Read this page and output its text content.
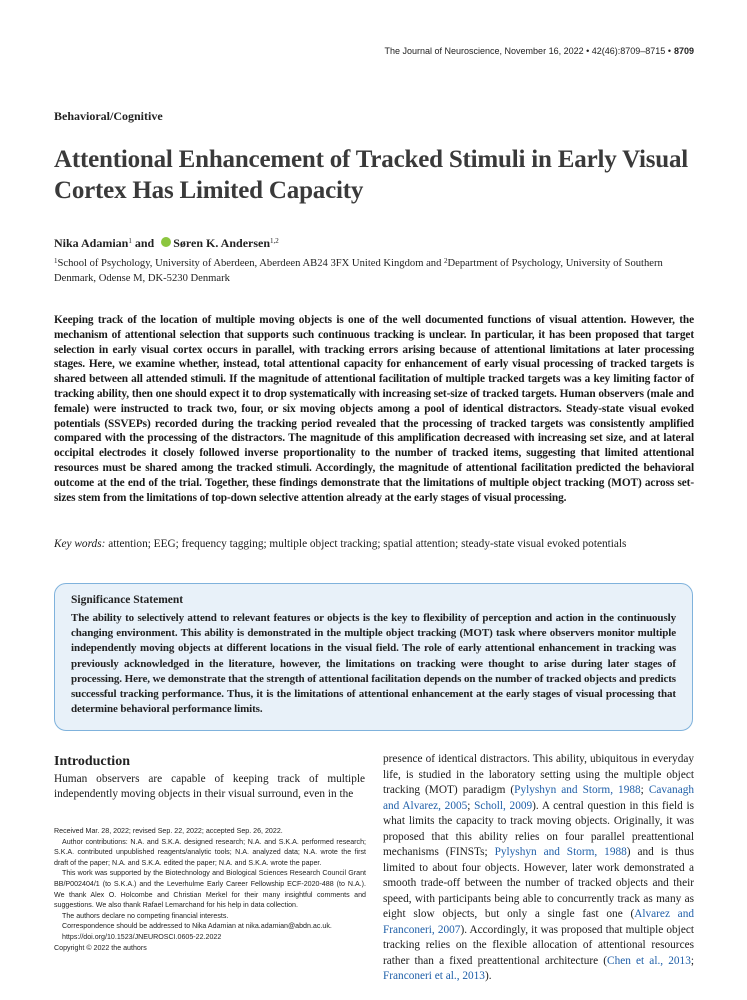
The Journal of Neuroscience, November 16, 2022 • 42(46):8709–8715 • 8709
Behavioral/Cognitive
Attentional Enhancement of Tracked Stimuli in Early Visual Cortex Has Limited Capacity
Nika Adamian$^1$ and Søren K. Andersen$^{1,2}$
$^1$School of Psychology, University of Aberdeen, Aberdeen AB24 3FX United Kingdom and $^2$Department of Psychology, University of Southern Denmark, Odense M, DK-5230 Denmark

Keeping track of the location of multiple moving objects is one of the well documented functions of visual attention. However, the mechanism of attentional selection that supports such continuous tracking is unclear. In particular, it has been proposed that target selection in early visual cortex occurs in parallel, with tracking errors arising because of attentional limitations at later processing stages. Here, we examine whether, instead, total attentional capacity for enhancement of early visual processing of tracked targets is shared between all attended stimuli. If the magnitude of attentional facilitation of multiple tracked targets was a key limiting factor of tracking ability, then one should expect it to drop systematically with increasing set-size of tracked targets. Human observers (male and female) were instructed to track two, four, or six moving objects among a pool of identical distractors. Steady-state visual evoked potentials (SSVEPs) recorded during the tracking period revealed that the processing of tracked targets was consistently amplified compared with the processing of the distractors. The magnitude of this amplification decreased with increasing set size, and at lateral occipital electrodes it closely followed inverse proportionality to the number of tracked items, suggesting that limited attentional resources must be shared among the tracked stimuli. Accordingly, the magnitude of attentional facilitation predicted the behavioral outcome at the end of the trial. Together, these findings demonstrate that the limitations of multiple object tracking (MOT) across set-sizes stem from the limitations of top-down selective attention already at the early stages of visual processing.

Key words: attention; EEG; frequency tagging; multiple object tracking; spatial attention; steady-state visual evoked potentials
Significance Statement

The ability to selectively attend to relevant features or objects is the key to flexibility of perception and action in the continuously changing environment. This ability is demonstrated in the multiple object tracking (MOT) task where observers monitor multiple independently moving objects at different locations in the visual field. The role of early attentional enhancement in tracking was previously acknowledged in the literature, however, the limitations on tracking were thought to arise during later stages of processing. Here, we demonstrate that the strength of attentional facilitation depends on the number of tracked objects and predicts successful tracking performance. Thus, it is the limitations of attentional enhancement at the early stages of visual processing that determine behavioral performance limits.

Introduction

Human observers are capable of keeping track of multiple independently moving objects in their visual surround, even in the

Received Mar. 28, 2022; revised Sep. 22, 2022; accepted Sep. 26, 2022.

Author contributions: N.A. and S.K.A. designed research; N.A. and S.K.A. performed research; S.K.A. contributed unpublished reagents/analytic tools; N.A. analyzed data; N.A. wrote the first draft of the paper; N.A. and S.K.A. edited the paper; N.A. and S.K.A. wrote the paper.

This work was supported by the Biotechnology and Biological Sciences Research Council Grant BB/P002404/1 (to S.K.A.) and the Leverhulme Early Career Fellowship ECF-2020-488 (to N.A.). We thank Alex O. Holcombe and Christian Merkel for their many insightful comments and suggestions. We also thank Rafael Lemarchand for his help in data collection.

The authors declare no competing financial interests.

Correspondence should be addressed to Nika Adamian at nika.adamian@abdn.ac.uk.

https://doi.org/10.1523/JNEUROSCI.0605-22.2022

Copyright © 2022 the authors

presence of identical distractors. This ability, ubiquitous in everyday life, is studied in the laboratory setting using the multiple object tracking (MOT) paradigm (Pylyshyn and Storm, 1988; Cavanagh and Alvarez, 2005; Scholl, 2009). A central question in this field is what limits the capacity to track moving objects. Originally, it was proposed that this ability relies on four parallel preattentional mechanisms (FINSTs; Pylyshyn and Storm, 1988) and is thus limited to about four objects. However, later work demonstrated a smooth trade-off between the number of tracked objects and their speed, with participants being able to concurrently track as many as eight slow objects, but only a single fast one (Alvarez and Franconeri, 2007). Accordingly, it was proposed that multiple object tracking relies on the flexible allocation of attentional resources rather than a fixed preattentional architecture (Chen et al., 2013; Franconeri et al., 2013).
